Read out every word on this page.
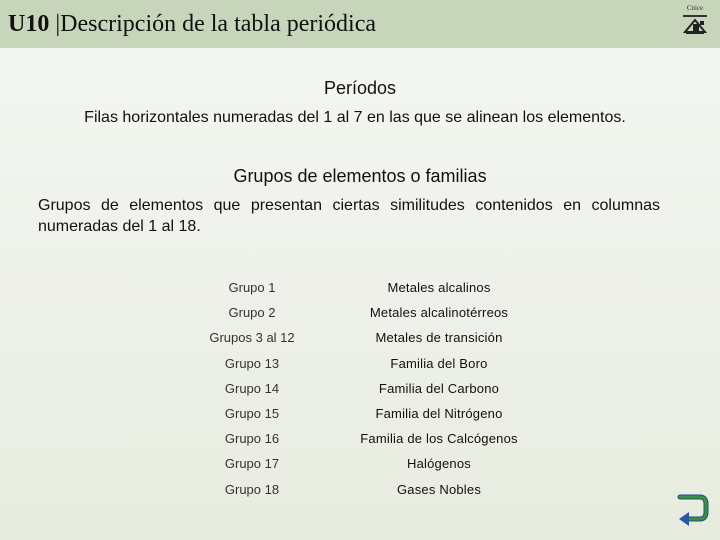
U10 |Descripción de la tabla periódica
Cnice
Períodos
Filas horizontales numeradas del 1 al 7 en las que se alinean los elementos.
Grupos de elementos o familias
Grupos de elementos que presentan ciertas similitudes contenidos en columnas numeradas del 1 al 18.
Grupo 1	Metales alcalinos
Grupo 2	Metales alcalinotérreos
Grupos 3 al 12	Metales de transición
Grupo 13	Familia del Boro
Grupo 14	Familia del Carbono
Grupo 15	Familia del Nitrógeno
Grupo 16	Familia de los Calcógenos
Grupo 17	Halógenos
Grupo 18	Gases Nobles
